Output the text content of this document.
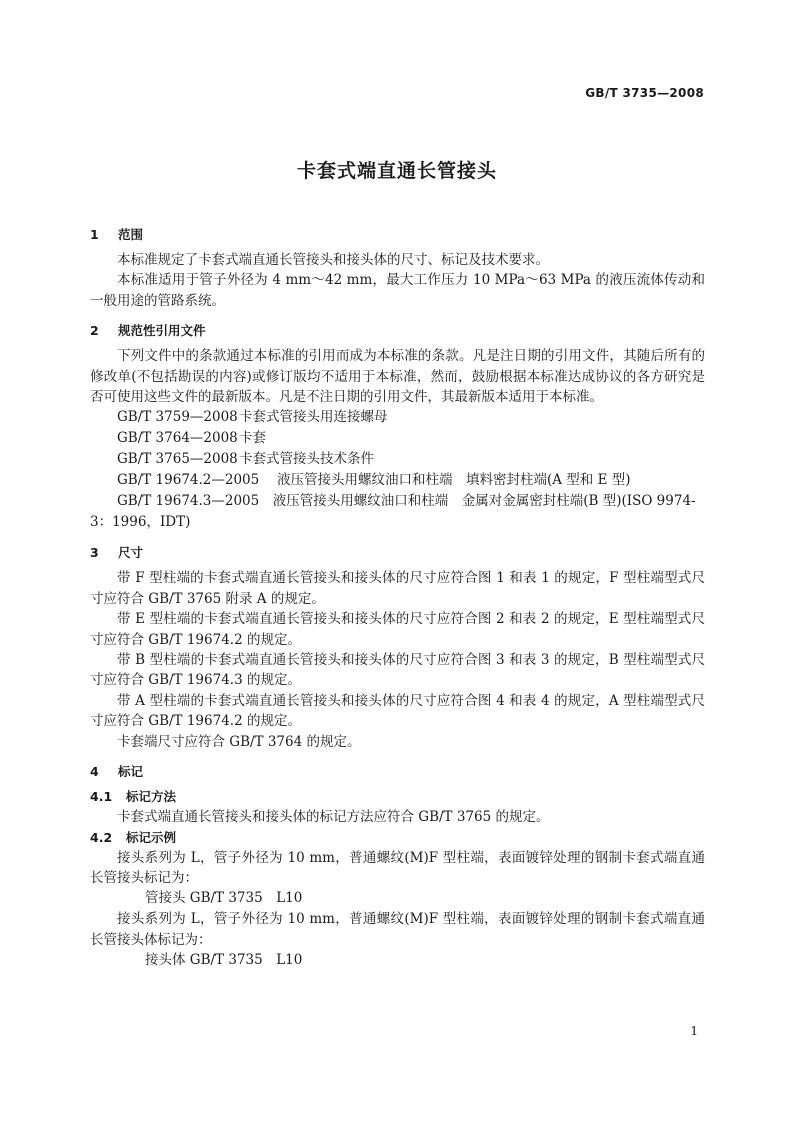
GB/T 3735—2008
卡套式端直通长管接头
1 范围

本标准规定了卡套式端直通长管接头和接头体的尺寸、标记及技术要求。

本标准适用于管子外径为 4 mm～42 mm，最大工作压力 10 MPa～63 MPa 的液压流体传动和一般用途的管路系统。

2 规范性引用文件

下列文件中的条款通过本标准的引用而成为本标准的条款。凡是注日期的引用文件，其随后所有的修改单(不包括勘误的内容)或修订版均不适用于本标准，然而，鼓励根据本标准达成协议的各方研究是否可使用这些文件的最新版本。凡是不注日期的引用文件，其最新版本适用于本标准。

GB/T 3759—2008卡套式管接头用连接螺母
GB/T 3764—2008卡套
GB/T 3765—2008卡套式管接头技术条件
GB/T 19674.2—2005 液压管接头用螺纹油口和柱端　填料密封柱端(A 型和 E 型)
GB/T 19674.3—2005　液压管接头用螺纹油口和柱端　金属对金属密封柱端(B 型)(ISO 9974-3：1996，IDT)
3 尺寸

带 F 型柱端的卡套式端直通长管接头和接头体的尺寸应符合图 1 和表 1 的规定，F 型柱端型式尺寸应符合 GB/T 3765 附录 A 的规定。

带 E 型柱端的卡套式端直通长管接头和接头体的尺寸应符合图 2 和表 2 的规定，E 型柱端型式尺寸应符合 GB/T 19674.2 的规定。

带 B 型柱端的卡套式端直通长管接头和接头体的尺寸应符合图 3 和表 3 的规定，B 型柱端型式尺寸应符合 GB/T 19674.3 的规定。

带 A 型柱端的卡套式端直通长管接头和接头体的尺寸应符合图 4 和表 4 的规定，A 型柱端型式尺寸应符合 GB/T 19674.2 的规定。

卡套端尺寸应符合 GB/T 3764 的规定。

4 标记
4.1 标记方法

卡套式端直通长管接头和接头体的标记方法应符合 GB/T 3765 的规定。

4.2 标记示例

接头系列为 L，管子外径为 10 mm，普通螺纹(M)F 型柱端，表面镀锌处理的钢制卡套式端直通长管接头标记为：

管接头 GB/T 3735　L10

接头系列为 L，管子外径为 10 mm，普通螺纹(M)F 型柱端，表面镀锌处理的钢制卡套式端直通长管接头体标记为：

接头体 GB/T 3735　L10
1
